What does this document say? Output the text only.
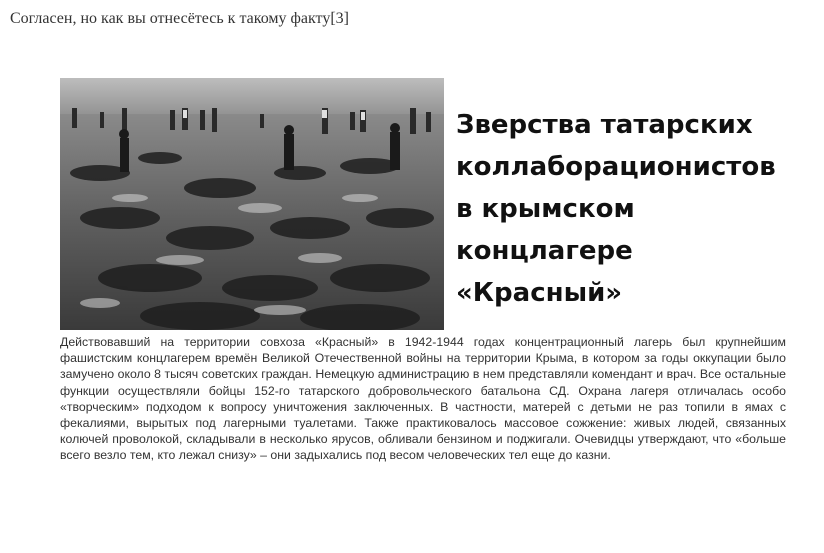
Согласен, но как вы отнесётесь к такому факту[3]
Зверства татарских
коллаборационистов
в крымском
концлагере
«Красный»
Действовавший на территории совхоза «Красный» в 1942-1944 годах концентрационный лагерь был крупнейшим фашистским концлагерем времён Великой Отечественной войны на территории Крыма, в котором за годы оккупации было замучено около 8 тысяч советских граждан. Немецкую администрацию в нем представляли комендант и врач. Все остальные функции осуществляли бойцы 152-го татарского добровольческого батальона СД. Охрана лагеря отличалась особо «творческим» подходом к вопросу уничтожения заключенных. В частности, матерей с детьми не раз топили в ямах с фекалиями, вырытых под лагерными туалетами. Также практиковалось массовое сожжение: живых людей, связанных колючей проволокой, складывали в несколько ярусов, обливали бензином и поджигали. Очевидцы утверждают, что «больше всего везло тем, кто лежал снизу» – они задыхались под весом человеческих тел еще до казни.
